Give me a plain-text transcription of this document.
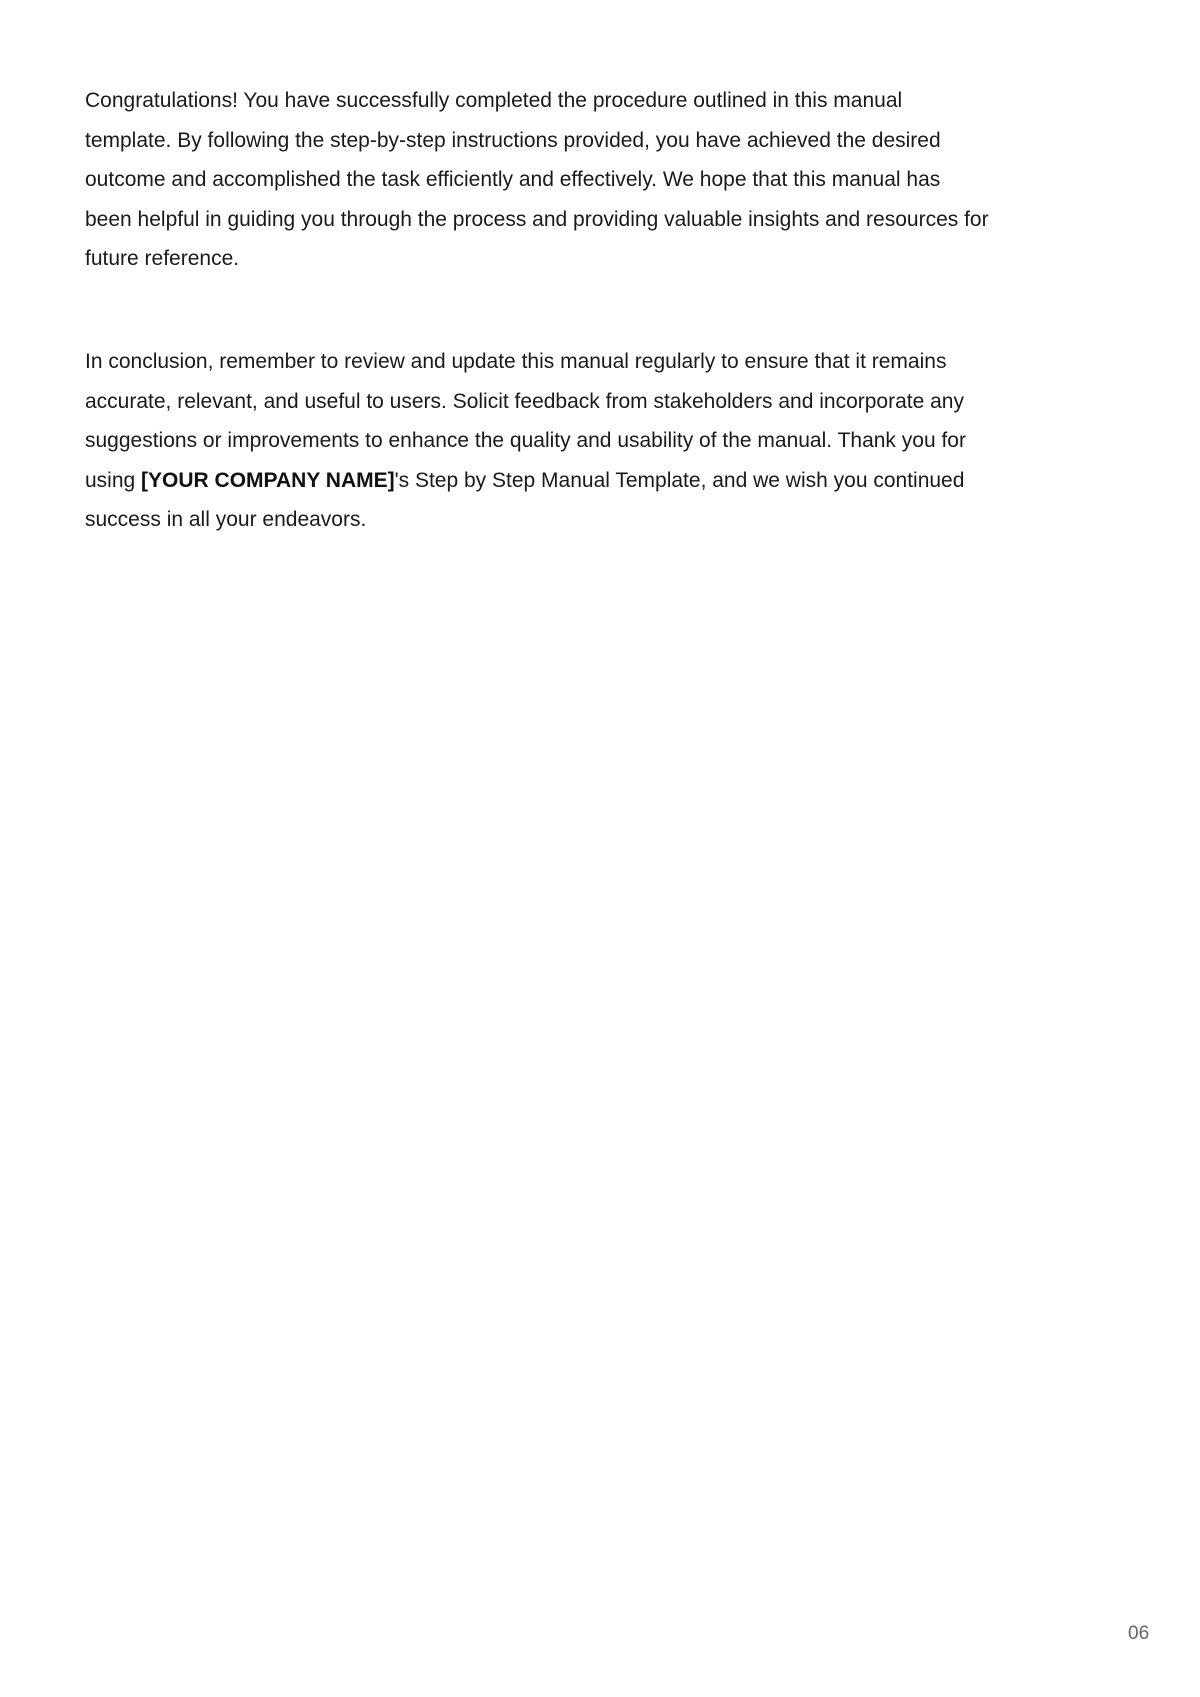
Congratulations! You have successfully completed the procedure outlined in this manual
template. By following the step-by-step instructions provided, you have achieved the desired
outcome and accomplished the task efficiently and effectively. We hope that this manual has
been helpful in guiding you through the process and providing valuable insights and resources for
future reference.
In conclusion, remember to review and update this manual regularly to ensure that it remains
accurate, relevant, and useful to users. Solicit feedback from stakeholders and incorporate any
suggestions or improvements to enhance the quality and usability of the manual. Thank you for
using [YOUR COMPANY NAME]'s Step by Step Manual Template, and we wish you continued
success in all your endeavors.
06
